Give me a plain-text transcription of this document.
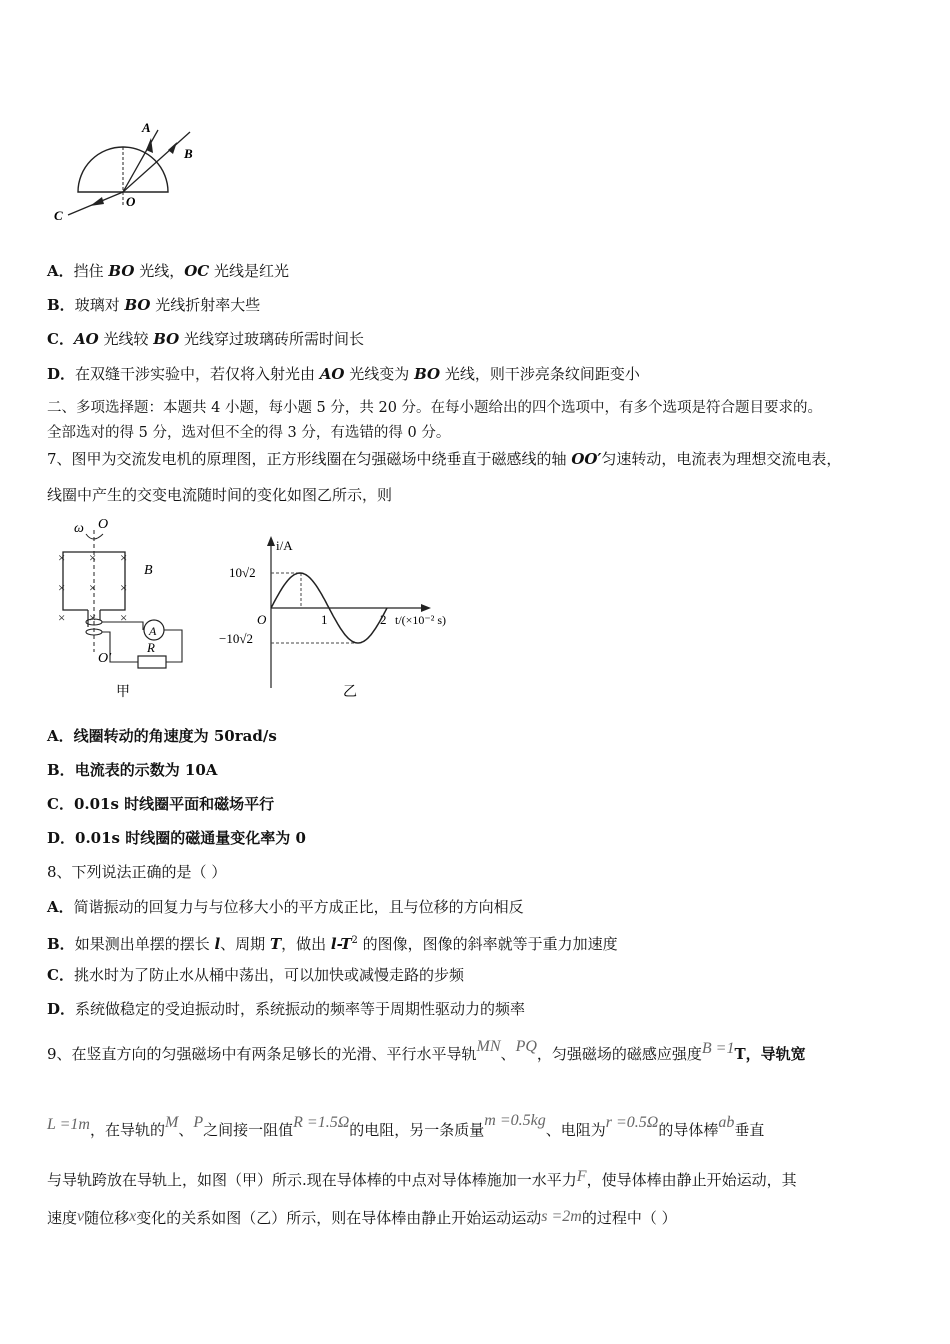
A
B
C
O
A．挡住 BO 光线，OC 光线是红光
B．玻璃对 BO 光线折射率大些
C．AO 光线较 BO 光线穿过玻璃砖所需时间长
D．在双缝干涉实验中，若仅将入射光由 AO 光线变为 BO 光线，则干涉亮条纹间距变小
二、多项选择题：本题共 4 小题，每小题 5 分，共 20 分。在每小题给出的四个选项中，有多个选项是符合题目要求的。
全部选对的得 5 分，选对但不全的得 3 分，有选错的得 0 分。
7、图甲为交流发电机的原理图，正方形线圈在匀强磁场中绕垂直于磁感线的轴 OO′匀速转动，电流表为理想交流电表，
线圈中产生的交变电流随时间的变化如图乙所示，则
ω O
× × ×
× × ×
× × ×
B
A
R
O′
甲
i/A
t/(×10⁻² s)
O
10√2
−10√2
1	2
乙
A．线圈转动的角速度为 50rad/s
B．电流表的示数为 10A
C．0.01s 时线圈平面和磁场平行
D．0.01s 时线圈的磁通量变化率为 0
8、下列说法正确的是（ ）
A．简谐振动的回复力与与位移大小的平方成正比，且与位移的方向相反
B．如果测出单摆的摆长 l、周期 T，做出 $l-T^2$ 的图像，图像的斜率就等于重力加速度
C．挑水时为了防止水从桶中荡出，可以加快或减慢走路的步频
D．系统做稳定的受迫振动时，系统振动的频率等于周期性驱动力的频率
9、在竖直方向的匀强磁场中有两条足够长的光滑、平行水平导轨MN、PQ，匀强磁场的磁感应强度B =1T，导轨宽
L =1m，在导轨的M、P之间接一阻值R =1.5Ω的电阻，另一条质量m =0.5kg、电阻为r =0.5Ω的导体棒ab垂直
与导轨跨放在导轨上，如图（甲）所示.现在导体棒的中点对导体棒施加一水平力F，使导体棒由静止开始运动，其
速度v随位移x变化的关系如图（乙）所示，则在导体棒由静止开始运动运动s =2m的过程中（ ）
